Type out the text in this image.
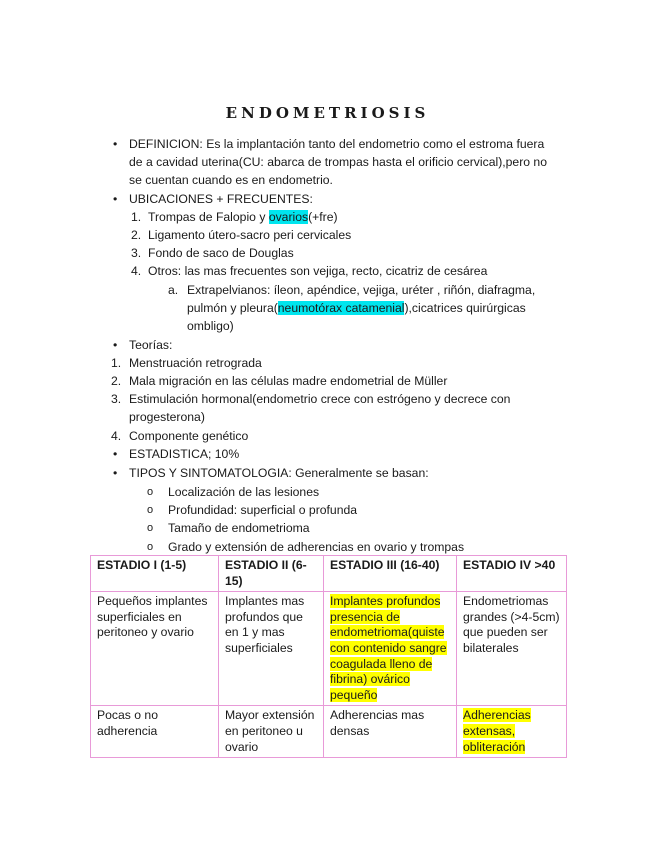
ENDOMETRIOSIS
• DEFINICION: Es la implantación tanto del endometrio como el estroma fuera
de a cavidad uterina(CU: abarca de trompas hasta el orificio cervical),pero no
se cuentan cuando es en endometrio.
• UBICACIONES + FRECUENTES:
1. Trompas de Falopio y ovarios(+fre)
2. Ligamento útero-sacro peri cervicales
3. Fondo de saco de Douglas
4. Otros: las mas frecuentes son vejiga, recto, cicatriz de cesárea
a. Extrapelvianos: íleon, apéndice, vejiga, uréter , riñón, diafragma,
pulmón y pleura(neumotórax catamenial),cicatrices quirúrgicas
ombligo)
• Teorías:
1. Menstruación retrograda
2. Mala migración en las células madre endometrial de Müller
3. Estimulación hormonal(endometrio crece con estrógeno y decrece con
progesterona)
4. Componente genético
• ESTADISTICA; 10%
• TIPOS Y SINTOMATOLOGIA: Generalmente se basan:
o Localización de las lesiones
o Profundidad: superficial o profunda
o Tamaño de endometrioma
o Grado y extensión de adherencias en ovario y trompas
ESTADIO I (1-5)	ESTADIO II (6-15)	ESTADIO III (16-40)	ESTADIO IV >40
Pequeños implantes superficiales en peritoneo y ovario	Implantes mas profundos que en 1 y mas superficiales	Implantes profundos presencia de endometrioma(quiste con contenido sangre coagulada lleno de fibrina) ovárico pequeño	Endometriomas grandes (>4-5cm) que pueden ser bilaterales
Pocas o no adherencia	Mayor extensión en peritoneo u ovario	Adherencias mas densas	Adherencias extensas, obliteración
